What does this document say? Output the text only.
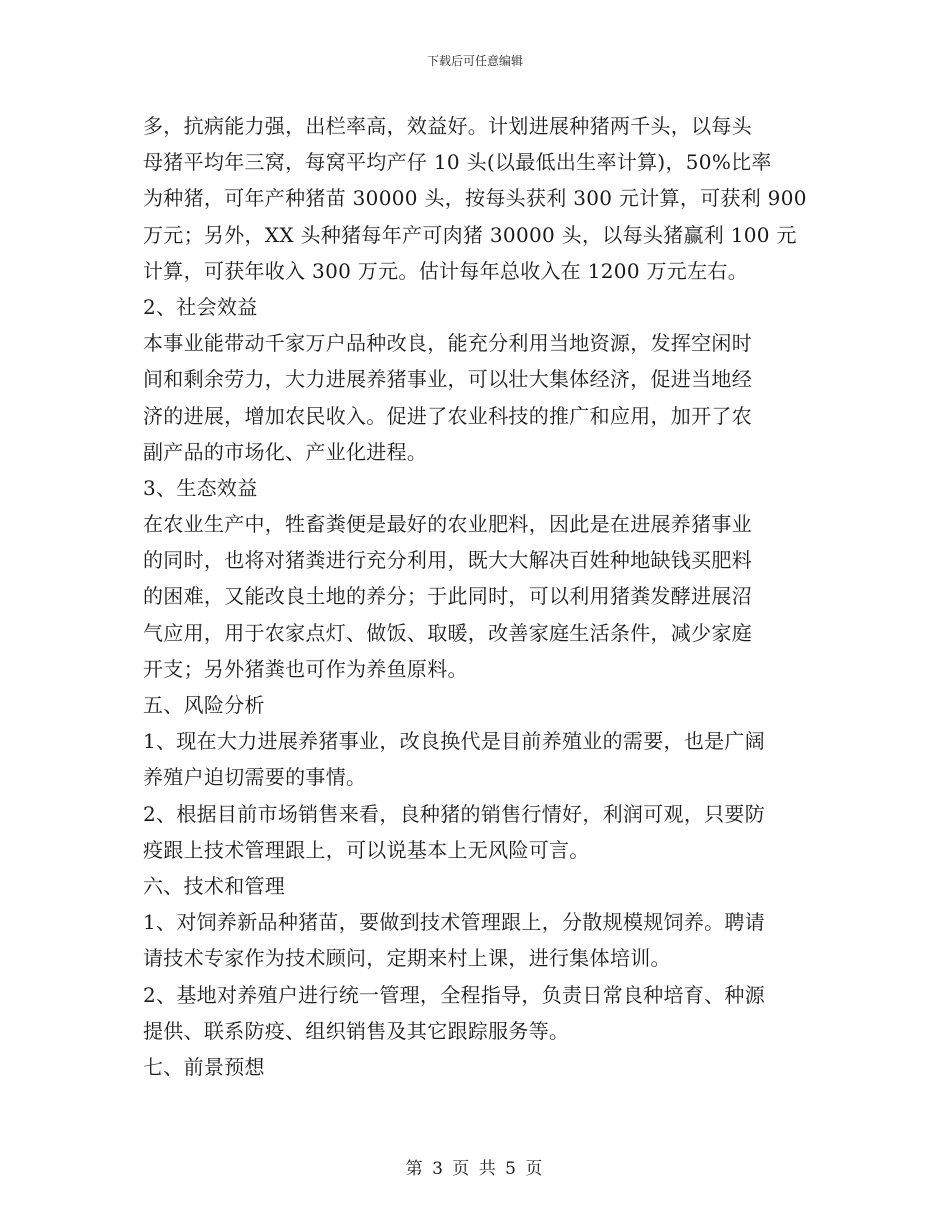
下载后可任意编辑
多，抗病能力强，出栏率高，效益好。计划进展种猪两千头，以每头
母猪平均年三窝，每窝平均产仔 10 头(以最低出生率计算)，50%比率
为种猪，可年产种猪苗 30000 头，按每头获利 300 元计算，可获利 900
万元；另外，XX 头种猪每年产可肉猪 30000 头，以每头猪赢利 100 元
计算，可获年收入 300 万元。估计每年总收入在 1200 万元左右。
2、社会效益
本事业能带动千家万户品种改良，能充分利用当地资源，发挥空闲时
间和剩余劳力，大力进展养猪事业，可以壮大集体经济，促进当地经
济的进展，增加农民收入。促进了农业科技的推广和应用，加开了农
副产品的市场化、产业化进程。
3、生态效益
在农业生产中，牲畜粪便是最好的农业肥料，因此是在进展养猪事业
的同时，也将对猪粪进行充分利用，既大大解决百姓种地缺钱买肥料
的困难，又能改良土地的养分；于此同时，可以利用猪粪发酵进展沼
气应用，用于农家点灯、做饭、取暖，改善家庭生活条件，减少家庭
开支；另外猪粪也可作为养鱼原料。
五、风险分析
1、现在大力进展养猪事业，改良换代是目前养殖业的需要，也是广阔
养殖户迫切需要的事情。
2、根据目前市场销售来看，良种猪的销售行情好，利润可观，只要防
疫跟上技术管理跟上，可以说基本上无风险可言。
六、技术和管理
1、对饲养新品种猪苗，要做到技术管理跟上，分散规模规饲养。聘请
请技术专家作为技术顾问，定期来村上课，进行集体培训。
2、基地对养殖户进行统一管理，全程指导，负责日常良种培育、种源
提供、联系防疫、组织销售及其它跟踪服务等。
七、前景预想
第 3 页 共 5 页
